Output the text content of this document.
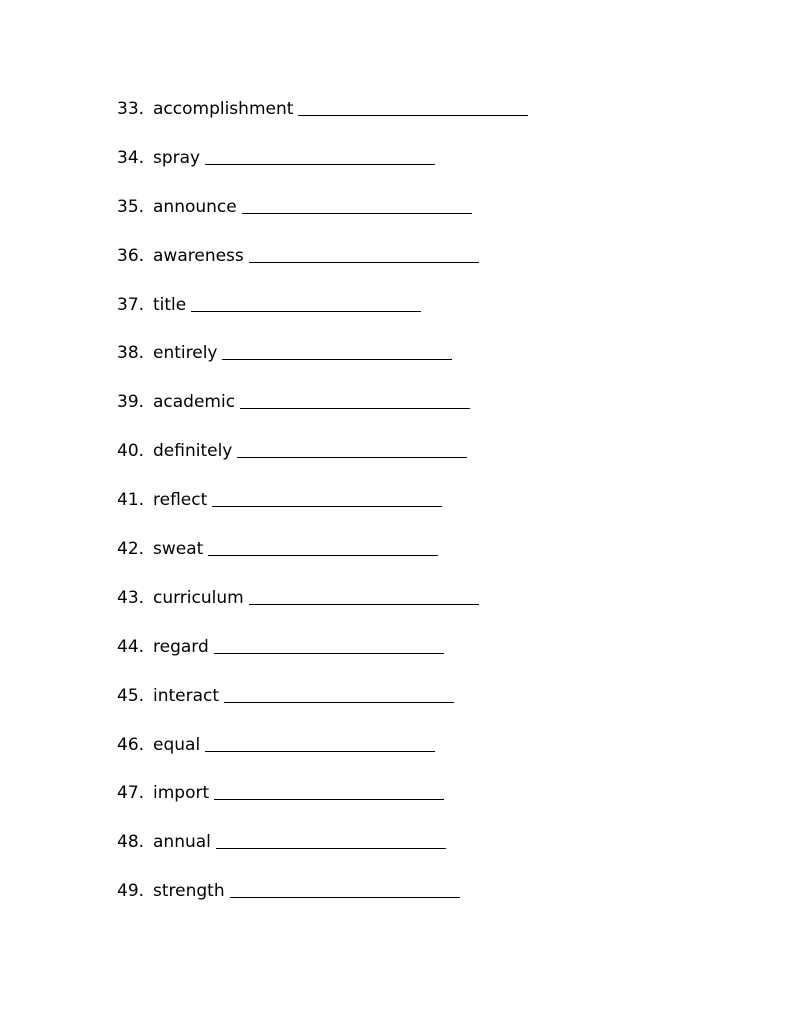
33. accomplishment
34. spray
35. announce
36. awareness
37. title
38. entirely
39. academic
40. definitely
41. reflect
42. sweat
43. curriculum
44. regard
45. interact
46. equal
47. import
48. annual
49. strength
